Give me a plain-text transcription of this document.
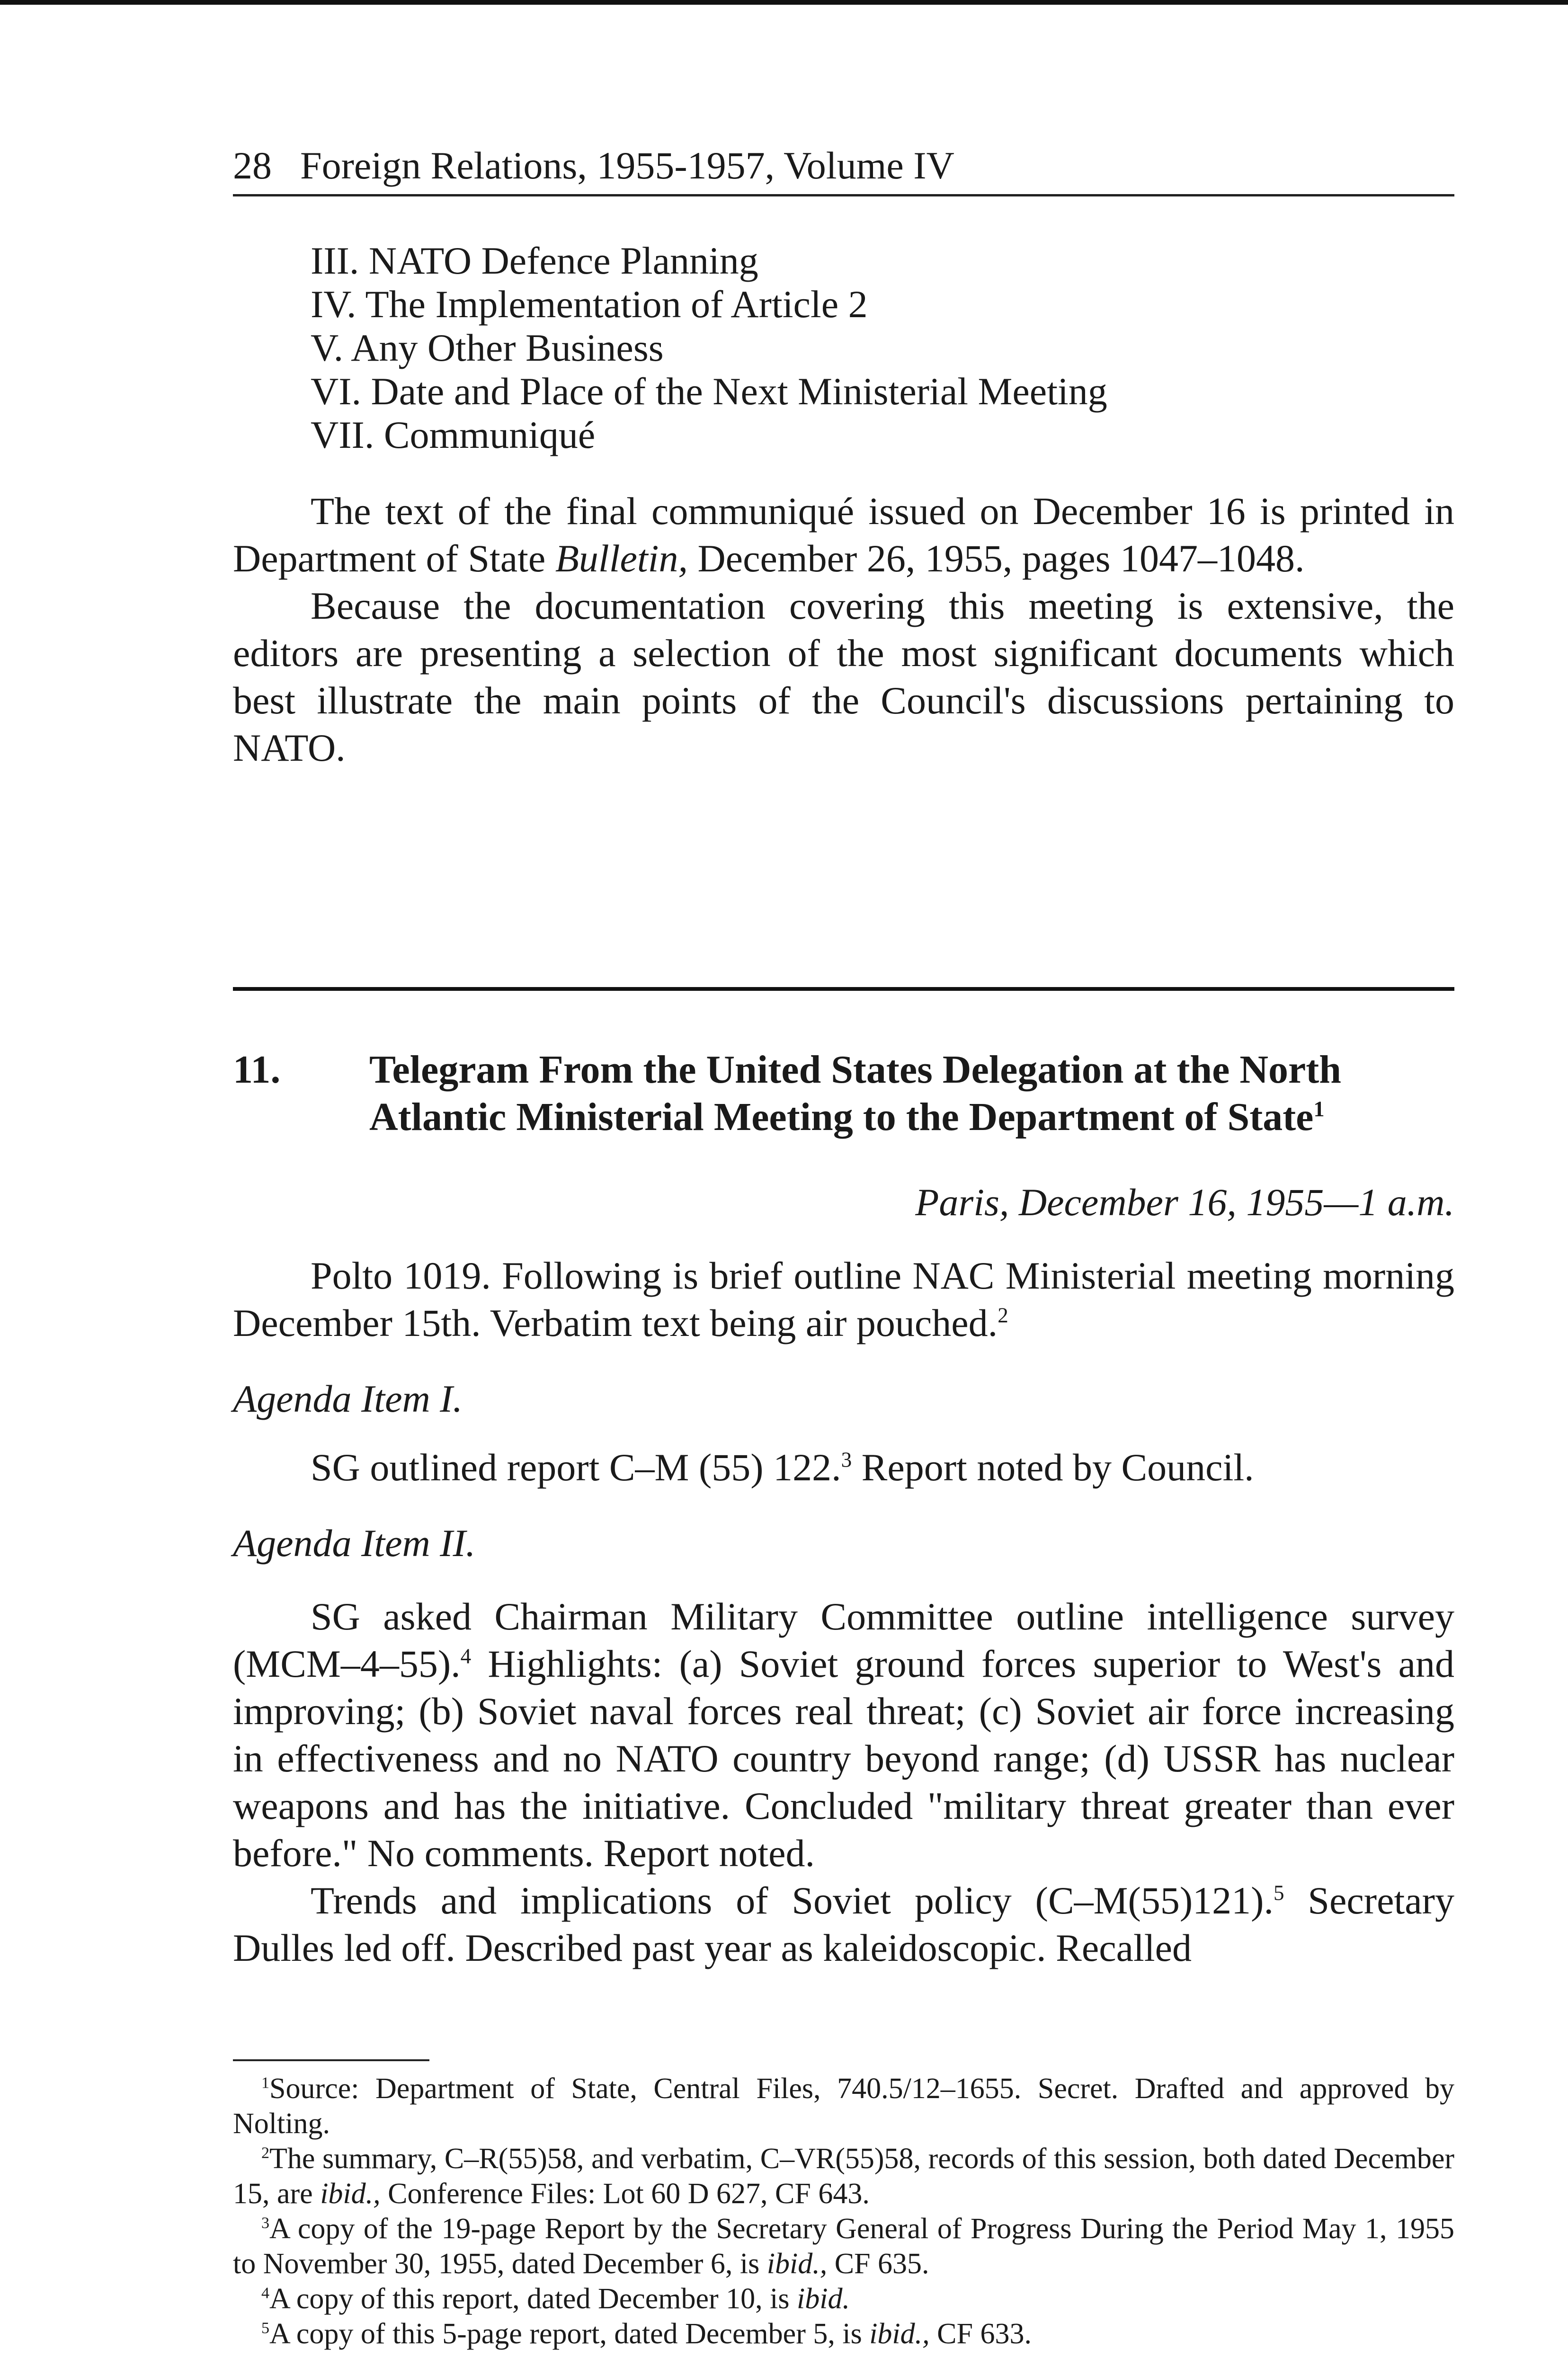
28 Foreign Relations, 1955-1957, Volume IV
III. NATO Defence Planning
IV. The Implementation of Article 2
V. Any Other Business
VI. Date and Place of the Next Ministerial Meeting
VII. Communiqué

The text of the final communiqué issued on December 16 is printed in Department of State Bulletin, December 26, 1955, pages 1047–1048.

Because the documentation covering this meeting is extensive, the editors are presenting a selection of the most significant documents which best illustrate the main points of the Council's discussions pertaining to NATO.

11. Telegram From the United States Delegation at the North Atlantic Ministerial Meeting to the Department of State$^1$
Paris, December 16, 1955—1 a.m.

Polto 1019. Following is brief outline NAC Ministerial meeting morning December 15th. Verbatim text being air pouched.$^2$

Agenda Item I.

SG outlined report C–M (55) 122.$^3$ Report noted by Council.

Agenda Item II.

SG asked Chairman Military Committee outline intelligence survey (MCM–4–55).$^4$ Highlights: (a) Soviet ground forces superior to West's and improving; (b) Soviet naval forces real threat; (c) Soviet air force increasing in effectiveness and no NATO country beyond range; (d) USSR has nuclear weapons and has the initiative. Concluded "military threat greater than ever before." No comments. Report noted.

Trends and implications of Soviet policy (C–M(55)121).$^5$ Secretary Dulles led off. Described past year as kaleidoscopic. Recalled

$^1$Source: Department of State, Central Files, 740.5/12–1655. Secret. Drafted and approved by Nolting.

$^2$The summary, C–R(55)58, and verbatim, C–VR(55)58, records of this session, both dated December 15, are ibid., Conference Files: Lot 60 D 627, CF 643.

$^3$A copy of the 19-page Report by the Secretary General of Progress During the Period May 1, 1955 to November 30, 1955, dated December 6, is ibid., CF 635.

$^4$A copy of this report, dated December 10, is ibid.

$^5$A copy of this 5-page report, dated December 5, is ibid., CF 633.
